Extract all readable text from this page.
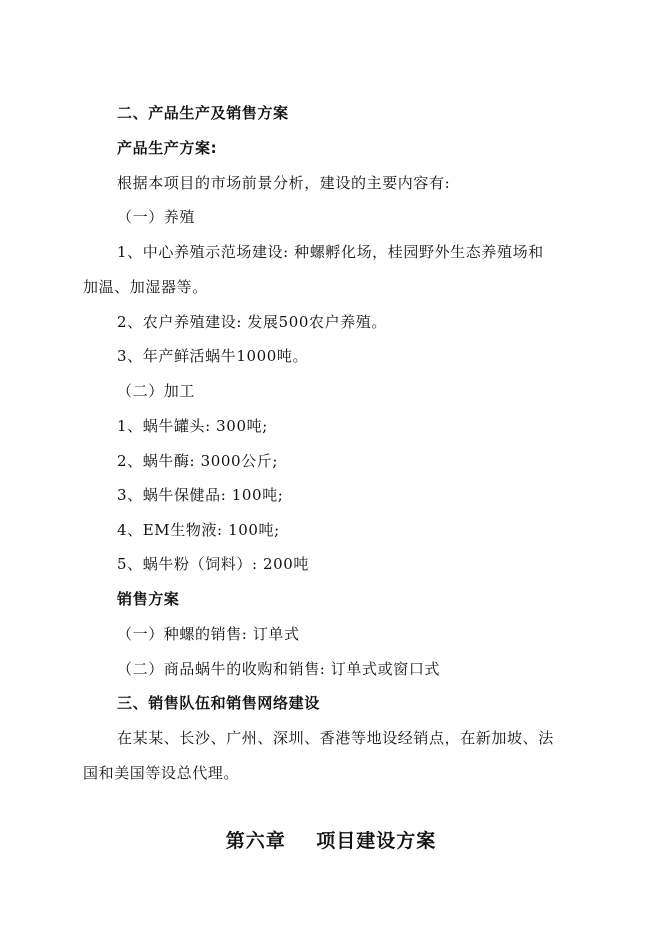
二、产品生产及销售方案
产品生产方案:
根据本项目的市场前景分析，建设的主要内容有:
（一）养殖
1、中心养殖示范场建设: 种螺孵化场，桂园野外生态养殖场和
加温、加湿器等。
2、农户养殖建设: 发展500农户养殖。
3、年产鲜活蜗牛1000吨。
（二）加工
1、蜗牛罐头: 300吨;
2、蜗牛酶: 3000公斤;
3、蜗牛保健品: 100吨;
4、EM生物液: 100吨;
5、蜗牛粉（饲料）: 200吨
销售方案
（一）种螺的销售: 订单式
（二）商品蜗牛的收购和销售: 订单式或窗口式
三、销售队伍和销售网络建设
在某某、长沙、广州、深圳、香港等地设经销点，在新加坡、法
国和美国等设总代理。
第六章    项目建设方案
